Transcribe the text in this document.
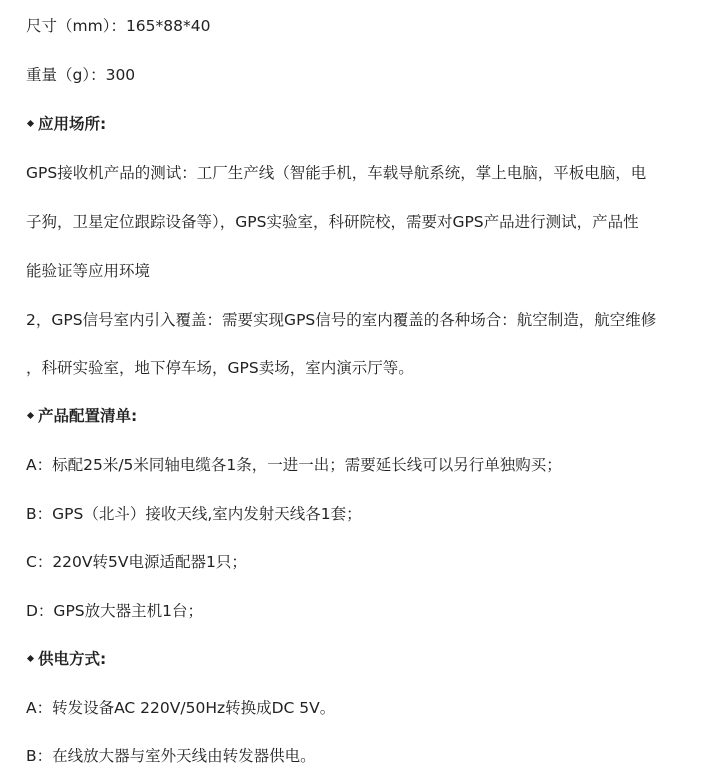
尺寸（mm）：165*88*40
重量（g）：300
应用场所:
GPS接收机产品的测试：工厂生产线（智能手机，车载导航系统，掌上电脑，平板电脑，电
子狗，卫星定位跟踪设备等），GPS实验室，科研院校，需要对GPS产品进行测试，产品性
能验证等应用环境
2，GPS信号室内引入覆盖：需要实现GPS信号的室内覆盖的各种场合：航空制造，航空维修
，科研实验室，地下停车场，GPS卖场，室内演示厅等。
产品配置清单:
A：标配25米/5米同轴电缆各1条，一进一出；需要延长线可以另行单独购买；
B：GPS（北斗）接收天线,室内发射天线各1套；
C：220V转5V电源适配器1只；
D：GPS放大器主机1台；
供电方式:
A：转发设备AC 220V/50Hz转换成DC 5V。
B：在线放大器与室外天线由转发器供电。
